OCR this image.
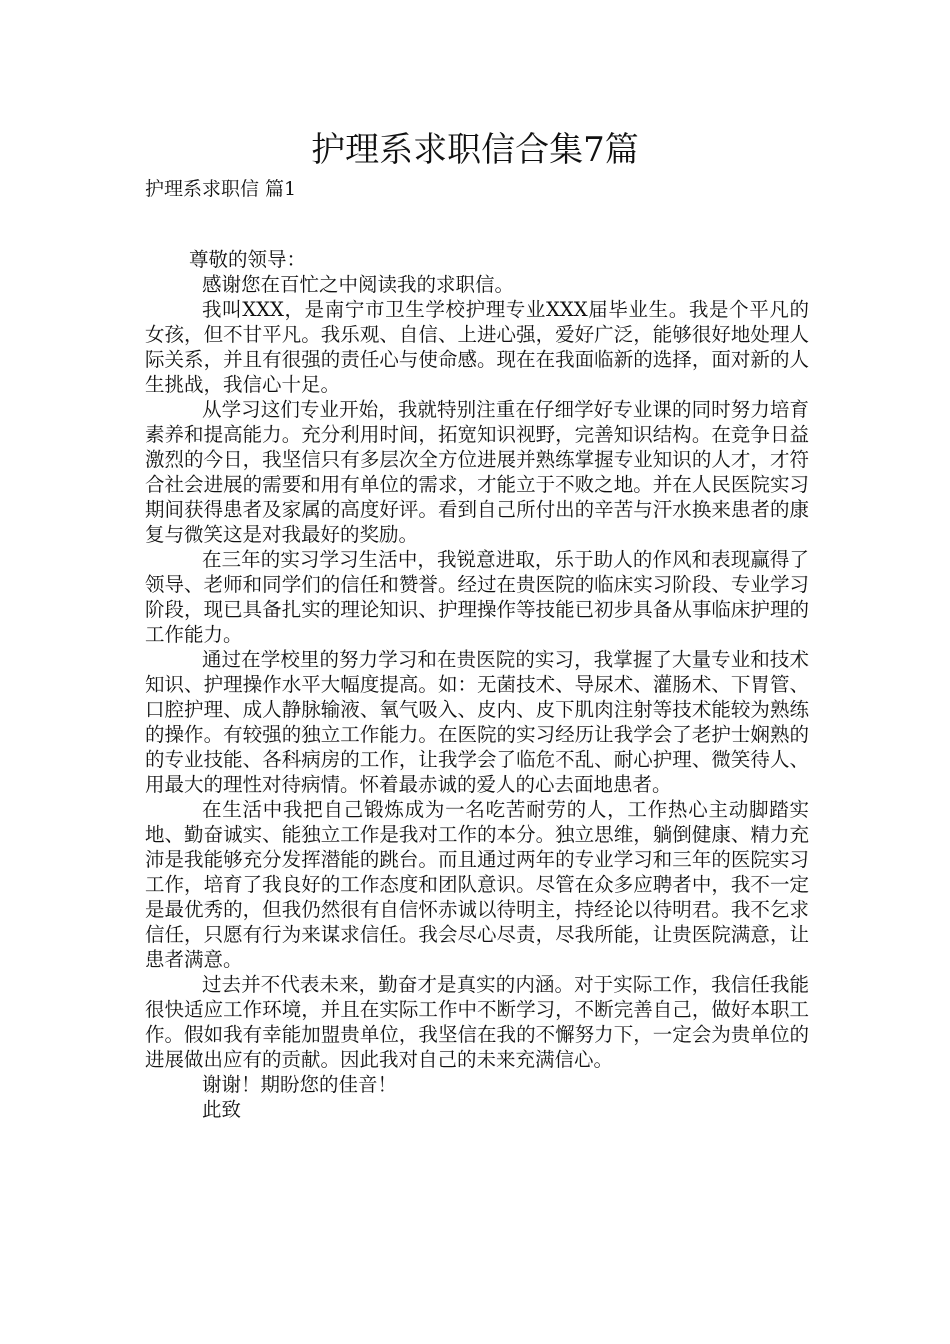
护理系求职信合集7篇
护理系求职信 篇1

尊敬的领导：

感谢您在百忙之中阅读我的求职信。

我叫XXX，是南宁市卫生学校护理专业XXX届毕业生。我是个平凡的女孩，但不甘平凡。我乐观、自信、上进心强，爱好广泛，能够很好地处理人际关系，并且有很强的责任心与使命感。现在在我面临新的选择，面对新的人生挑战，我信心十足。

从学习这们专业开始，我就特别注重在仔细学好专业课的同时努力培育素养和提高能力。充分利用时间，拓宽知识视野，完善知识结构。在竞争日益激烈的今日，我坚信只有多层次全方位进展并熟练掌握专业知识的人才，才符合社会进展的需要和用有单位的需求，才能立于不败之地。并在人民医院实习期间获得患者及家属的高度好评。看到自己所付出的辛苦与汗水换来患者的康复与微笑这是对我最好的奖励。

在三年的实习学习生活中，我锐意进取，乐于助人的作风和表现赢得了领导、老师和同学们的信任和赞誉。经过在贵医院的临床实习阶段、专业学习阶段，现已具备扎实的理论知识、护理操作等技能已初步具备从事临床护理的工作能力。

通过在学校里的努力学习和在贵医院的实习，我掌握了大量专业和技术知识、护理操作水平大幅度提高。如：无菌技术、导尿术、灌肠术、下胃管、口腔护理、成人静脉输液、氧气吸入、皮内、皮下肌肉注射等技术能较为熟练的操作。有较强的独立工作能力。在医院的实习经历让我学会了老护士娴熟的的专业技能、各科病房的工作，让我学会了临危不乱、耐心护理、微笑待人、用最大的理性对待病情。怀着最赤诚的爱人的心去面地患者。

在生活中我把自己锻炼成为一名吃苦耐劳的人，工作热心主动脚踏实地、勤奋诚实、能独立工作是我对工作的本分。独立思维，躺倒健康、精力充沛是我能够充分发挥潜能的跳台。而且通过两年的专业学习和三年的医院实习工作，培育了我良好的工作态度和团队意识。尽管在众多应聘者中，我不一定是最优秀的，但我仍然很有自信怀赤诚以待明主，持经论以待明君。我不乞求信任，只愿有行为来谋求信任。我会尽心尽责，尽我所能，让贵医院满意，让患者满意。

过去并不代表未来，勤奋才是真实的内涵。对于实际工作，我信任我能很快适应工作环境，并且在实际工作中不断学习，不断完善自己，做好本职工作。假如我有幸能加盟贵单位，我坚信在我的不懈努力下，一定会为贵单位的进展做出应有的贡献。因此我对自己的未来充满信心。

谢谢！期盼您的佳音！

此致
